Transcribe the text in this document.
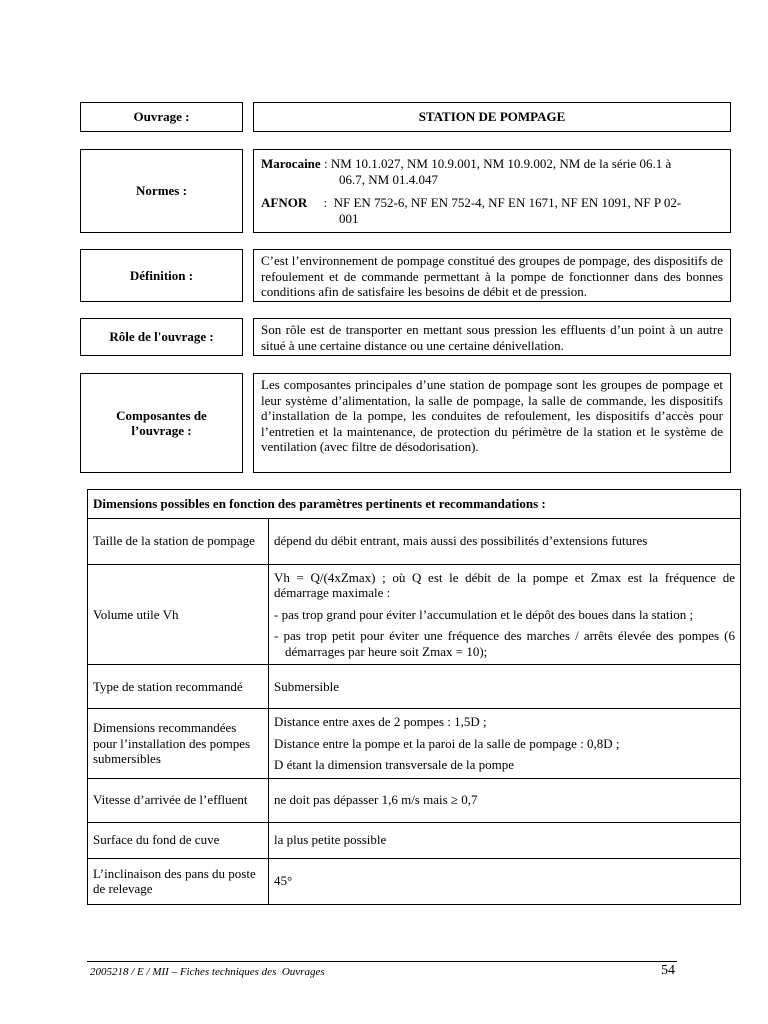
Ouvrage :	STATION DE POMPAGE
Normes :
Marocaine : NM 10.1.027, NM 10.9.001, NM 10.9.002, NM de la série 06.1 à
06.7, NM 01.4.047
AFNOR     :  NF EN 752-6, NF EN 752-4, NF EN 1671, NF EN 1091, NF P 02-
001
Définition :
C’est l’environnement de pompage constitué des groupes de pompage, des dispositifs de refoulement et de commande permettant à la pompe de fonctionner dans des bonnes conditions afin de satisfaire les besoins de débit et de pression.
Rôle de l'ouvrage :	Son rôle est de transporter en mettant sous pression les effluents d’un point à un autre situé à une certaine distance ou une certaine dénivellation.
Composantes de
l’ouvrage :
Les composantes principales d’une station de pompage sont les groupes de pompage et leur système d’alimentation, la salle de pompage, la salle de commande, les dispositifs d’installation de la pompe, les conduites de refoulement, les dispositifs d’accès pour l’entretien et la maintenance, de protection du périmètre de la station et le système de ventilation (avec filtre de désodorisation).
Dimensions possibles en fonction des paramètres pertinents et recommandations :	
Taille de la station de pompage	dépend du débit entrant, mais aussi des possibilités d’extensions futures
Volume utile Vh	Vh = Q/(4xZmax) ; où Q est le débit de la pompe et Zmax est la fréquence de démarrage maximale :
- pas trop grand pour éviter l’accumulation et le dépôt des boues dans la station ;
- pas trop petit pour éviter une fréquence des marches / arrêts élevée des pompes (6 démarrages par heure soit Zmax = 10);

Type de station recommandé	Submersible
Dimensions recommandées pour l’installation des pompes submersibles	Distance entre axes de 2 pompes : 1,5D ;
Distance entre la pompe et la paroi de la salle de pompage : 0,8D ;
D étant la dimension transversale de la pompe

Vitesse d’arrivée de l’effluent	ne doit pas dépasser 1,6 m/s mais ≥ 0,7
Surface du fond de cuve	la plus petite possible
L’inclinaison des pans du poste de relevage	45°
2005218 / E / MII – Fiches techniques des  Ouvrages	54
